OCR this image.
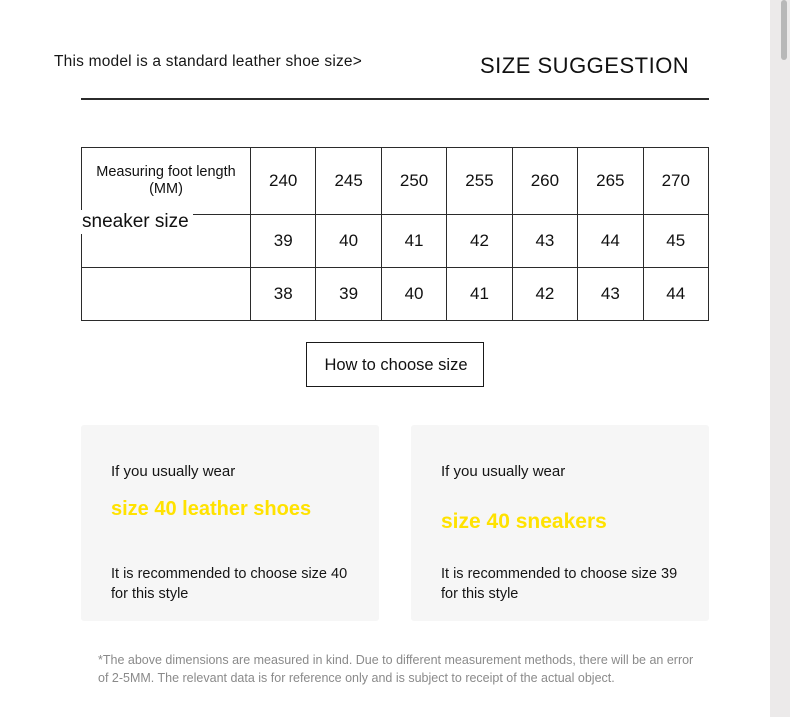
This model is a standard leather shoe size>	SIZE SUGGESTION
Measuring foot length (MM)	240	245	250	255	260	265	270
	39	40	41	42	43	44	45
	38	39	40	41	42	43	44
sneaker size
How to choose size
If you usually wear
size 40 leather shoes
It is recommended to choose size 40 for this style
If you usually wear
size 40 sneakers
It is recommended to choose size 39 for this style
*The above dimensions are measured in kind. Due to different measurement methods, there will be an error of 2-5MM. The relevant data is for reference only and is subject to receipt of the actual object.
